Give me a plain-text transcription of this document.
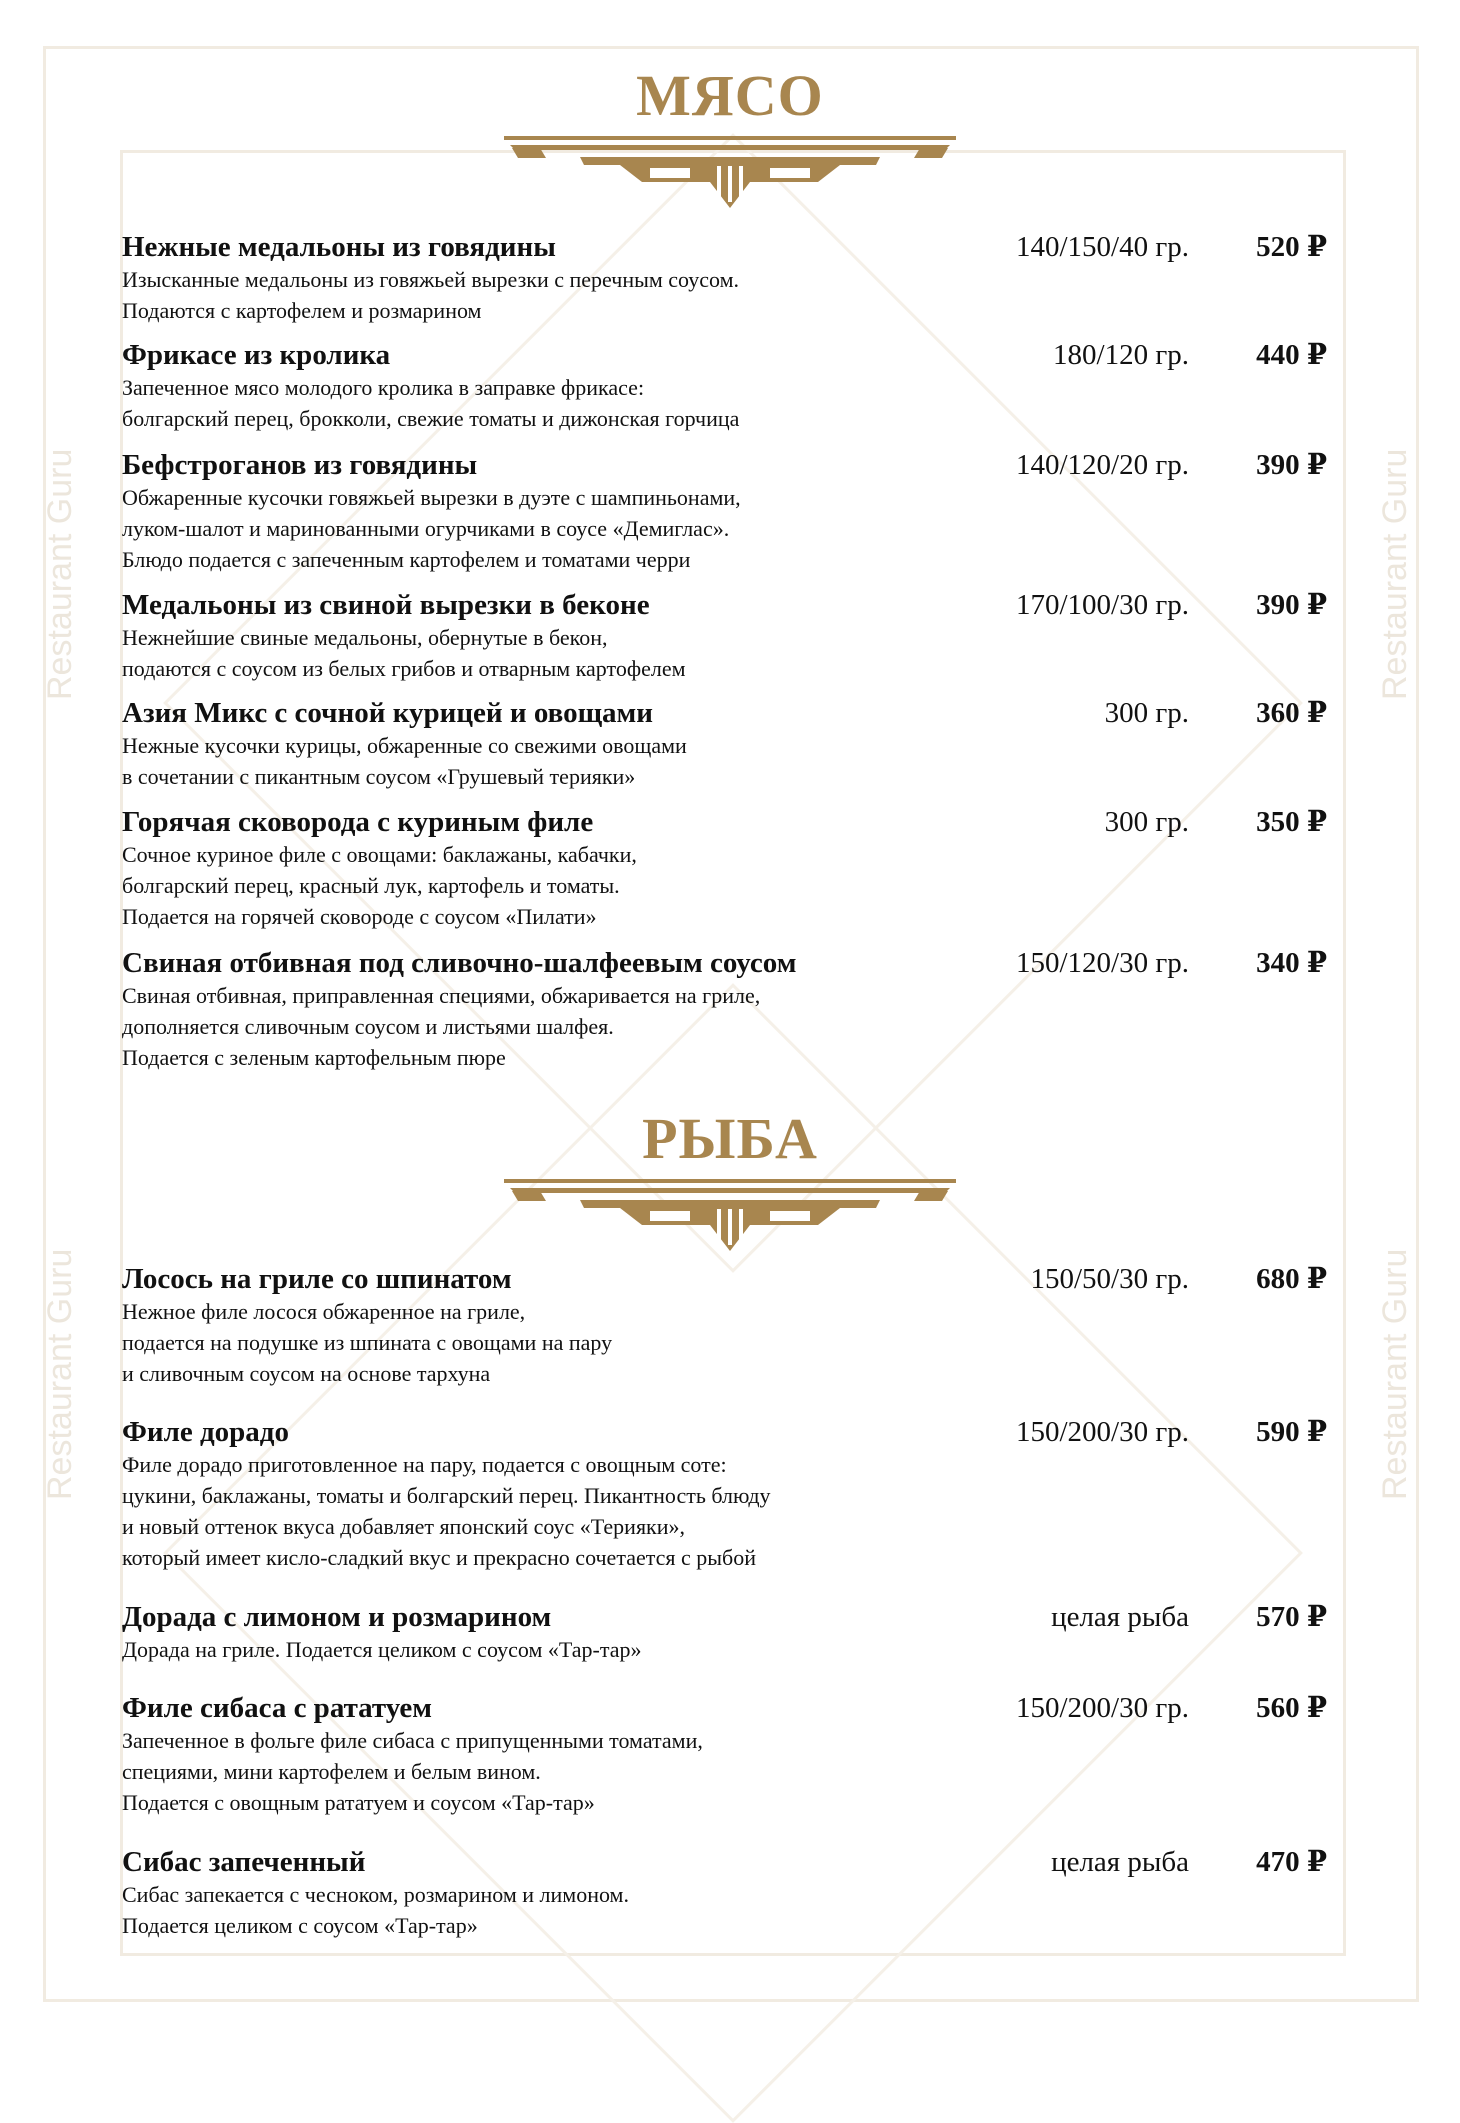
Restaurant Guru
Restaurant Guru
Restaurant Guru
Restaurant Guru
МЯСО
Нежные медальоны из говядины
Изысканные медальоны из говяжьей вырезки с перечным соусом.
Подаются с картофелем и розмарином
140/150/40 гр. 520 ₽
Фрикасе из кролика
Запеченное мясо молодого кролика в заправке фрикасе:
болгарский перец, брокколи, свежие томаты и дижонская горчица
180/120 гр. 440 ₽
Бефстроганов из говядины
Обжаренные кусочки говяжьей вырезки в дуэте с шампиньонами,
луком-шалот и маринованными огурчиками в соусе «Демиглас».
Блюдо подается с запеченным картофелем и томатами черри
140/120/20 гр. 390 ₽
Медальоны из свиной вырезки в беконе
Нежнейшие свиные медальоны, обернутые в бекон,
подаются с соусом из белых грибов и отварным картофелем
170/100/30 гр. 390 ₽
Азия Микс с сочной курицей и овощами
Нежные кусочки курицы, обжаренные со свежими овощами
в сочетании с пикантным соусом «Грушевый терияки»
300 гр. 360 ₽
Горячая сковорода с куриным филе
Сочное куриное филе с овощами: баклажаны, кабачки,
болгарский перец, красный лук, картофель и томаты.
Подается на горячей сковороде с соусом «Пилати»
300 гр. 350 ₽
Свиная отбивная под сливочно-шалфеевым соусом
Свиная отбивная, приправленная специями, обжаривается на гриле,
дополняется сливочным соусом и листьями шалфея.
Подается с зеленым картофельным пюре
150/120/30 гр. 340 ₽
РЫБА
Лосось на гриле со шпинатом
Нежное филе лосося обжаренное на гриле,
подается на подушке из шпината с овощами на пару
и сливочным соусом на основе тархуна
150/50/30 гр. 680 ₽
Филе дорадо
Филе дорадо приготовленное на пару, подается с овощным соте:
цукини, баклажаны, томаты и болгарский перец. Пикантность блюду
и новый оттенок вкуса добавляет японский соус «Терияки»,
который имеет кисло-сладкий вкус и прекрасно сочетается с рыбой
150/200/30 гр. 590 ₽
Дорада с лимоном и розмарином
Дорада на гриле. Подается целиком с соусом «Тар-тар»
целая рыба 570 ₽
Филе сибаса с рататуем
Запеченное в фольге филе сибаса с припущенными томатами,
специями, мини картофелем и белым вином.
Подается с овощным рататуем и соусом «Тар-тар»
150/200/30 гр. 560 ₽
Сибас запеченный
Сибас запекается с чесноком, розмарином и лимоном.
Подается целиком с соусом «Тар-тар»
целая рыба 470 ₽
